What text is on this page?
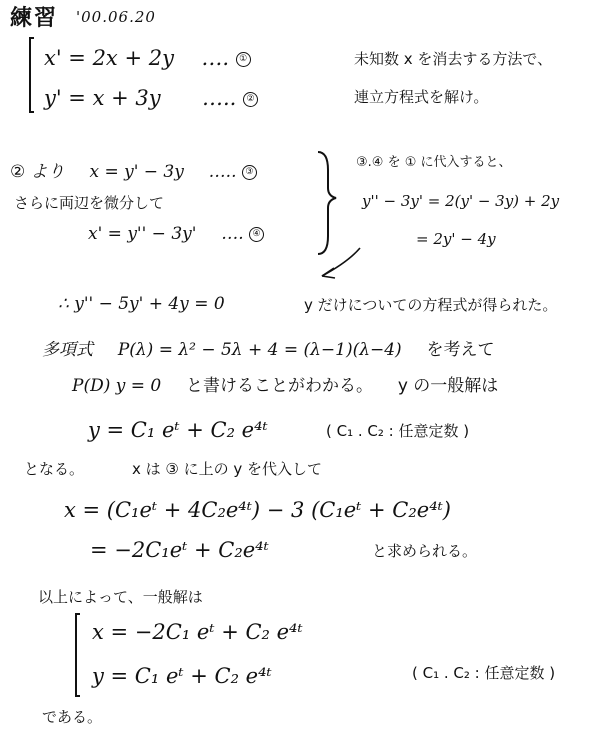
練習 '00.06.20
x' = 2x + 2y …. ①
y' = x + 3y ….. ②
未知数 x を消去する方法で、
連立方程式を解け。
② より x = y' − 3y ….. ③
さらに両辺を微分して
x' = y'' − 3y' …. ④
③.④ を ① に代入すると、
y'' − 3y' = 2(y' − 3y) + 2y
= 2y' − 4y
∴ y'' − 5y' + 4y = 0	y だけについての方程式が得られた。
多項式 P(λ) = λ² − 5λ + 4 = (λ−1)(λ−4) を考えて
P(D) y = 0 と書けることがわかる。 y の一般解は
y = C₁ eᵗ + C₂ e⁴ᵗ	( C₁ . C₂ : 任意定数 )
となる。	x は ③ に上の y を代入して
x = (C₁eᵗ + 4C₂e⁴ᵗ) − 3 (C₁eᵗ + C₂e⁴ᵗ)
= −2C₁eᵗ + C₂e⁴ᵗ	と求められる。
以上によって、一般解は
x = −2C₁ eᵗ + C₂ e⁴ᵗ
y = C₁ eᵗ + C₂ e⁴ᵗ	( C₁ . C₂ : 任意定数 )
である。
